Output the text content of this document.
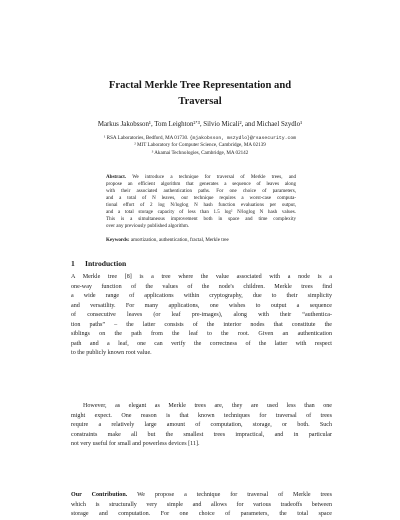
Fractal Merkle Tree Representation and
Traversal
Markus Jakobsson¹, Tom Leighton²ʼ³, Silvio Micali², and Michael Szydlo¹
¹ RSA Laboratories, Bedford, MA 01730. {mjakobsson, mszydlo}@rsasecurity.com
² MIT Laboratory for Computer Science, Cambridge, MA 02139
³ Akamai Technologies, Cambridge, MA 02142
Abstract. We introduce a technique for traversal of Merkle trees, and
propose an efficient algorithm that generates a sequence of leaves along
with their associated authentication paths. For one choice of parameters,
and a total of N leaves, our technique requires a worst-case computa-
tional effort of 2 log N/loglog N hash function evaluations per output,
and a total storage capacity of less than 1.5 log² N/loglog N hash values.
This is a simultaneous improvement both in space and time complexity
over any previously published algorithm.
Keywords: amortization, authentication, fractal, Merkle tree
1 Introduction
A Merkle tree [8] is a tree where the value associated with a node is a
one-way function of the values of the node's children. Merkle trees find
a wide range of applications within cryptography, due to their simplicity
and versatility. For many applications, one wishes to output a sequence
of consecutive leaves (or leaf pre-images), along with their “authentica-
tion paths” – the latter consists of the interior nodes that constitute the
siblings on the path from the leaf to the root. Given an authentication
path and a leaf, one can verify the correctness of the latter with respect
to the publicly known root value.
However, as elegant as Merkle trees are, they are used less than one
might expect. One reason is that known techniques for traversal of trees
require a relatively large amount of computation, storage, or both. Such
constraints make all but the smallest trees impractical, and in particular
not very useful for small and powerless devices [11].
Our Contribution. We propose a technique for traversal of Merkle trees
which is structurally very simple and allows for various tradeoffs between
storage and computation. For one choice of parameters, the total space
